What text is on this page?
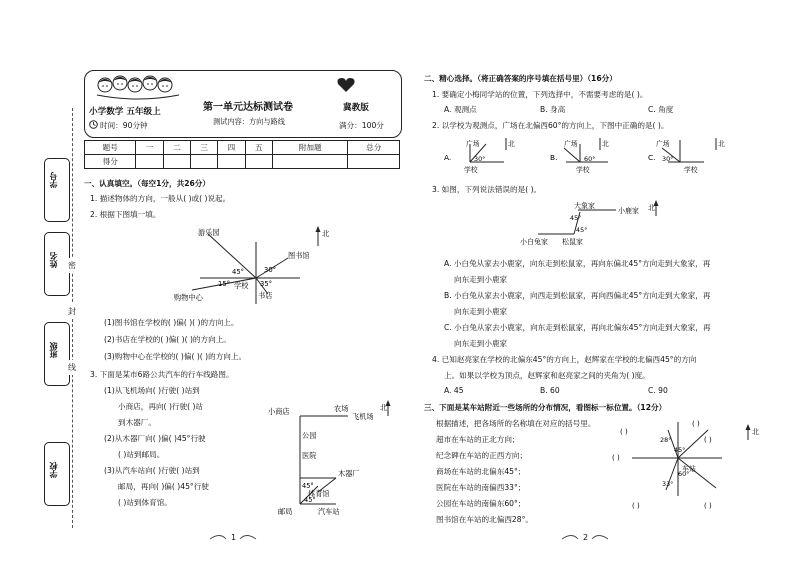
学号
姓名
班级
学校
密
封
线
小学数学 五年级上	第一单元达标测试卷	冀教版
时间：90分钟	测试内容：方向与路线	满分：100分
题号	一	二	三	四	五	附加题	总分
得分							
一、认真填空。（每空1分，共26分）
1. 描述物体的方向，一般从( )或( )说起。
2. 根据下图填一填。
北
游乐园
图书馆
购物中心
学校
书店
45°	30°
15°	35°
(1)图书馆在学校的( )偏( )( )的方向上。
(2)书店在学校的( )偏( )( )的方向上。
(3)购物中心在学校的( )偏( )( )的方向上。
3. 下面是某市6路公共汽车的行车线路图。
(1)从飞机场向( )行驶( )站到
小商店，再向( )行驶( )站
到木器厂。
(2)从木器厂向( )偏( )45°行驶
( )站到邮局。
(3)从汽车站向( )行驶( )站到
邮局，再向( )偏( )45°行驶
( )站到体育馆。
北
小商店	农场
飞机场
公园
医院
木器厂
体育馆
邮局	汽车站
45°
45°
二、精心选择。（将正确答案的序号填在括号里）（16分）
1. 要确定小梅同学站的位置，下列选择中，不需要考虑的是( )。
A. 观测点	B. 身高	C. 角度
2. 以学校为观测点，广场在北偏西60°的方向上，下图中正确的是( )。
A.
广场
30°
学校
北
B.
广场
60°
学校
北
C.
广场
30°
学校
北
3. 如图，下列说法错误的是( )。
北
大象家
小鹿家
小白兔家 松鼠家
45°
45°
A. 小白兔从家去小鹿家，向东走到松鼠家，再向东偏北45°方向走到大象家，再
向东走到小鹿家
B. 小白兔从家去小鹿家，向西走到松鼠家，再向西偏北45°方向走到大象家，再
向东走到小鹿家
C. 小白兔从家去小鹿家，向东走到松鼠家，再向北偏东45°方向走到大象家，再
向东走到小鹿家
4. 已知赵亮家在学校的北偏东45°的方向上，赵辉家在学校的北偏西45°的方向
上。如果以学校为顶点，赵辉家和赵亮家之间的夹角为( )度。
A. 45	B. 60	C. 90
三、下面是某车站附近一些场所的分布情况，看图标一标位置。（12分）
根据描述，把各场所的名称填在对应的括号里。
超市在车站的正北方向；
纪念碑在车站的正西方向；
商场在车站的北偏东45°；
医院在车站的南偏西33°；
公园在车站的南偏东60°；
图书馆在车站的北偏西28°。
北
车站
28°
45°
60°
33°
( )
( )
( )
( )
( )	( )
1	2
